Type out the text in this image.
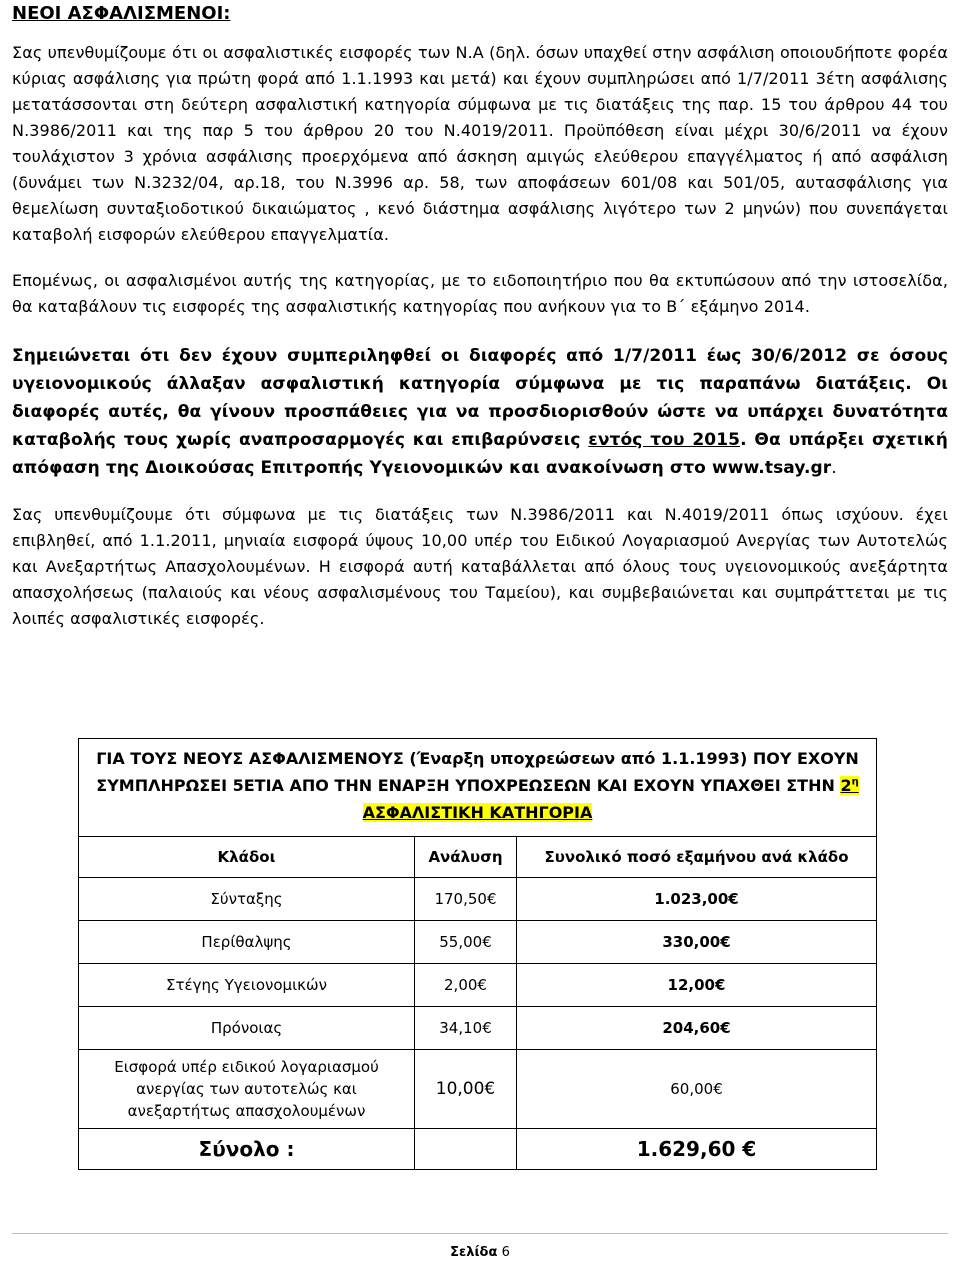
ΝΕΟΙ ΑΣΦΑΛΙΣΜΕΝΟΙ:

Σας υπενθυμίζουμε ότι οι ασφαλιστικές εισφορές των Ν.Α (δηλ. όσων υπαχθεί στην ασφάλιση οποιουδήποτε φορέα κύριας ασφάλισης για πρώτη φορά από 1.1.1993 και μετά) και έχουν συμπληρώσει από 1/7/2011 3έτη ασφάλισης μετατάσσονται στη δεύτερη ασφαλιστική κατηγορία σύμφωνα με τις διατάξεις της παρ. 15 του άρθρου 44 του Ν.3986/2011 και της παρ 5 του άρθρου 20 του Ν.4019/2011. Προϋπόθεση είναι μέχρι 30/6/2011 να έχουν τουλάχιστον 3 χρόνια ασφάλισης προερχόμενα από άσκηση αμιγώς ελεύθερου επαγγέλματος ή από ασφάλιση (δυνάμει των Ν.3232/04, αρ.18, του Ν.3996 αρ. 58, των αποφάσεων 601/08 και 501/05, αυτασφάλισης για θεμελίωση συνταξιοδοτικού δικαιώματος , κενό διάστημα ασφάλισης λιγότερο των 2 μηνών) που συνεπάγεται καταβολή εισφορών ελεύθερου επαγγελματία.

Επομένως, οι ασφαλισμένοι αυτής της κατηγορίας, με το ειδοποιητήριο που θα εκτυπώσουν από την ιστοσελίδα, θα καταβάλουν τις εισφορές της ασφαλιστικής κατηγορίας που ανήκουν για το Β΄ εξάμηνο 2014.

Σημειώνεται ότι δεν έχουν συμπεριληφθεί οι διαφορές από 1/7/2011 έως 30/6/2012 σε όσους υγειονομικούς άλλαξαν ασφαλιστική κατηγορία σύμφωνα με τις παραπάνω διατάξεις. Οι διαφορές αυτές, θα γίνουν προσπάθειες για να προσδιορισθούν ώστε να υπάρχει δυνατότητα καταβολής τους χωρίς αναπροσαρμογές και επιβαρύνσεις εντός του 2015. Θα υπάρξει σχετική απόφαση της Διοικούσας Επιτροπής Υγειονομικών και ανακοίνωση στο www.tsay.gr.

Σας υπενθυμίζουμε ότι σύμφωνα με τις διατάξεις των Ν.3986/2011 και Ν.4019/2011 όπως ισχύουν. έχει επιβληθεί, από 1.1.2011, μηνιαία εισφορά ύψους 10,00 υπέρ του Ειδικού Λογαριασμού Ανεργίας των Αυτοτελώς και Ανεξαρτήτως Απασχολουμένων. Η εισφορά αυτή καταβάλλεται από όλους τους υγειονομικούς ανεξάρτητα απασχολήσεως (παλαιούς και νέους ασφαλισμένους του Ταμείου), και συμβεβαιώνεται και συμπράττεται με τις λοιπές ασφαλιστικές εισφορές.

ΓΙΑ ΤΟΥΣ ΝΕΟΥΣ ΑΣΦΑΛΙΣΜΕΝΟΥΣ (Έναρξη υποχρεώσεων από 1.1.1993) ΠΟΥ ΕΧΟΥΝ ΣΥΜΠΛΗΡΩΣΕΙ 5ΕΤΙΑ ΑΠΟ ΤΗΝ ΕΝΑΡΞΗ ΥΠΟΧΡΕΩΣΕΩΝ ΚΑΙ ΕΧΟΥΝ ΥΠΑΧΘΕΙ ΣΤΗΝ $2^\eta$ ΑΣΦΑΛΙΣΤΙΚΗ ΚΑΤΗΓΟΡΙΑ		
Κλάδοι	Ανάλυση	Συνολικό ποσό εξαμήνου ανά κλάδο
Σύνταξης	170,50€	1.023,00€
Περίθαλψης	55,00€	330,00€
Στέγης Υγειονομικών	2,00€	12,00€
Πρόνοιας	34,10€	204,60€
Εισφορά υπέρ ειδικού λογαριασμού ανεργίας των αυτοτελώς και ανεξαρτήτως απασχολουμένων	10,00€	60,00€
Σύνολο :		1.629,60 €
Σελίδα 6
